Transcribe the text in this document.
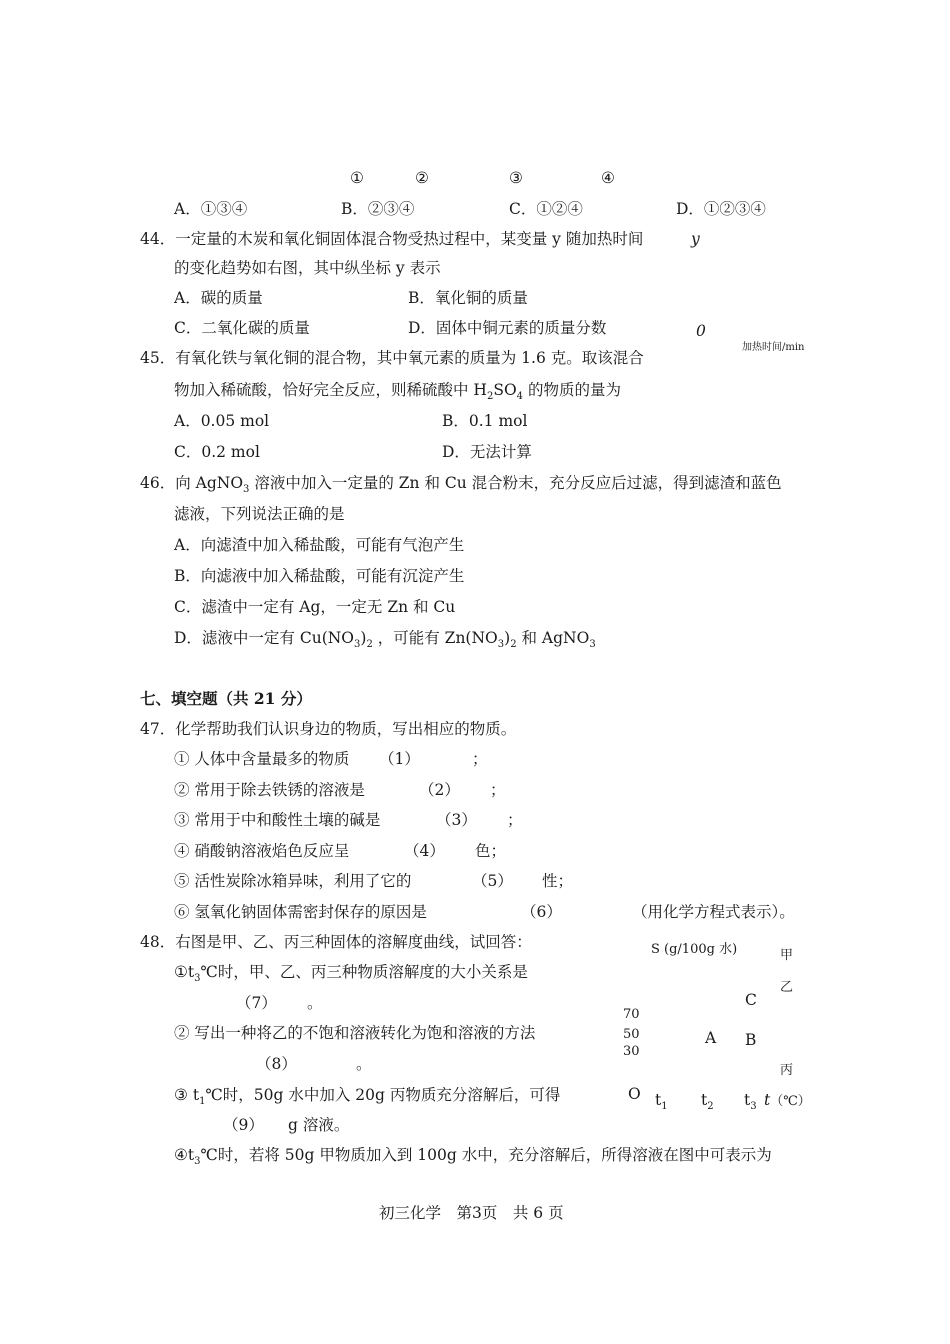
①	②	③	④
A．①③④	B．②③④	C．①②④	D．①②③④
44．一定量的木炭和氧化铜固体混合物受热过程中，某变量 y 随加热时间
的变化趋势如右图，其中纵坐标 y 表示
A．碳的质量	B．氧化铜的质量
C．二氧化碳的质量	D．固体中铜元素的质量分数
y
0
加热时间/min
45．有氧化铁与氧化铜的混合物，其中氧元素的质量为 1.6 克。取该混合
物加入稀硫酸，恰好完全反应，则稀硫酸中 $H_2SO_4$ 的物质的量为
A．0.05 mol	B．0.1 mol
C．0.2 mol	D．无法计算
46．向 AgNO$_3$ 溶液中加入一定量的 Zn 和 Cu 混合粉末，充分反应后过滤，得到滤渣和蓝色
滤液，下列说法正确的是
A．向滤渣中加入稀盐酸，可能有气泡产生
B．向滤液中加入稀盐酸，可能有沉淀产生
C．滤渣中一定有 Ag，一定无 Zn 和 Cu
D．滤液中一定有 $Cu(NO_3)_2$ ，可能有 $Zn(NO_3)_2$ 和 AgNO$_3$
七、填空题（共 21 分）
47．化学帮助我们认识身边的物质，写出相应的物质。
① 人体中含量最多的物质 （1）	；
② 常用于除去铁锈的溶液是	（2） ；
③ 常用于中和酸性土壤的碱是	（3） ；
④ 硝酸钠溶液焰色反应呈	（4） 色；
⑤ 活性炭除冰箱异味，利用了它的	（5） 性；
⑥ 氢氧化钠固体需密封保存的原因是	（6）	（用化学方程式表示）。
48．右图是甲、乙、丙三种固体的溶解度曲线，试回答：
$①t_3℃$时，甲、乙、丙三种物质溶解度的大小关系是
（7） 。
② 写出一种将乙的不饱和溶液转化为饱和溶液的方法
（8）	。
③ $t_1℃$时，50g 水中加入 20g 丙物质充分溶解后，可得
（9） g 溶液。
$④t_3℃$时，若将 50g 甲物质加入到 100g 水中，充分溶解后，所得溶液在图中可表示为
S (g/100g 水)	甲
乙
丙
C
A B
70
50
30
O $t_1$ $t_2$ $t_3$ t（℃）
初三化学　第3页　共 6 页
